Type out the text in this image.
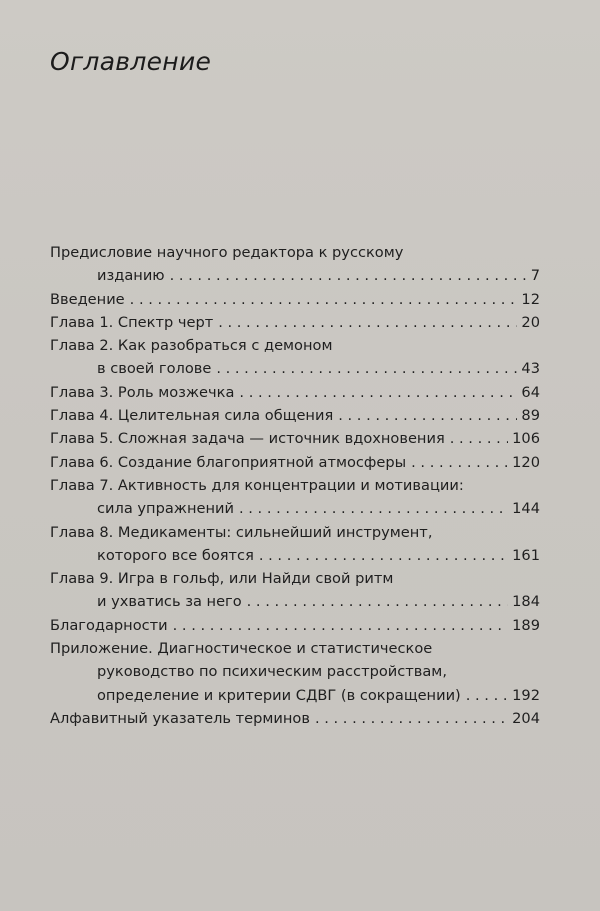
Оглавление
Предисловие научного редактора к русскому
изданию . . .	7
Введение . . .	12
Глава 1. Спектр черт . . .	20
Глава 2. Как разобраться с демоном
в своей голове . . .	43
Глава 3. Роль мозжечка . . .	64
Глава 4. Целительная сила общения . . .	89
Глава 5. Сложная задача — источник вдохновения . . .	106
Глава 6. Создание благоприятной атмосферы . . .	120
Глава 7. Активность для концентрации и мотивации:
сила упражнений . . .	144
Глава 8. Медикаменты: сильнейший инструмент,
которого все боятся . . .	161
Глава 9. Игра в гольф, или Найди свой ритм
и ухватись за него . . .	184
Благодарности . . .	189
Приложение. Диагностическое и статистическое
руководство по психическим расстройствам,
определение и критерии СДВГ (в сокращении) . . .	192
Алфавитный указатель терминов . . .	204
